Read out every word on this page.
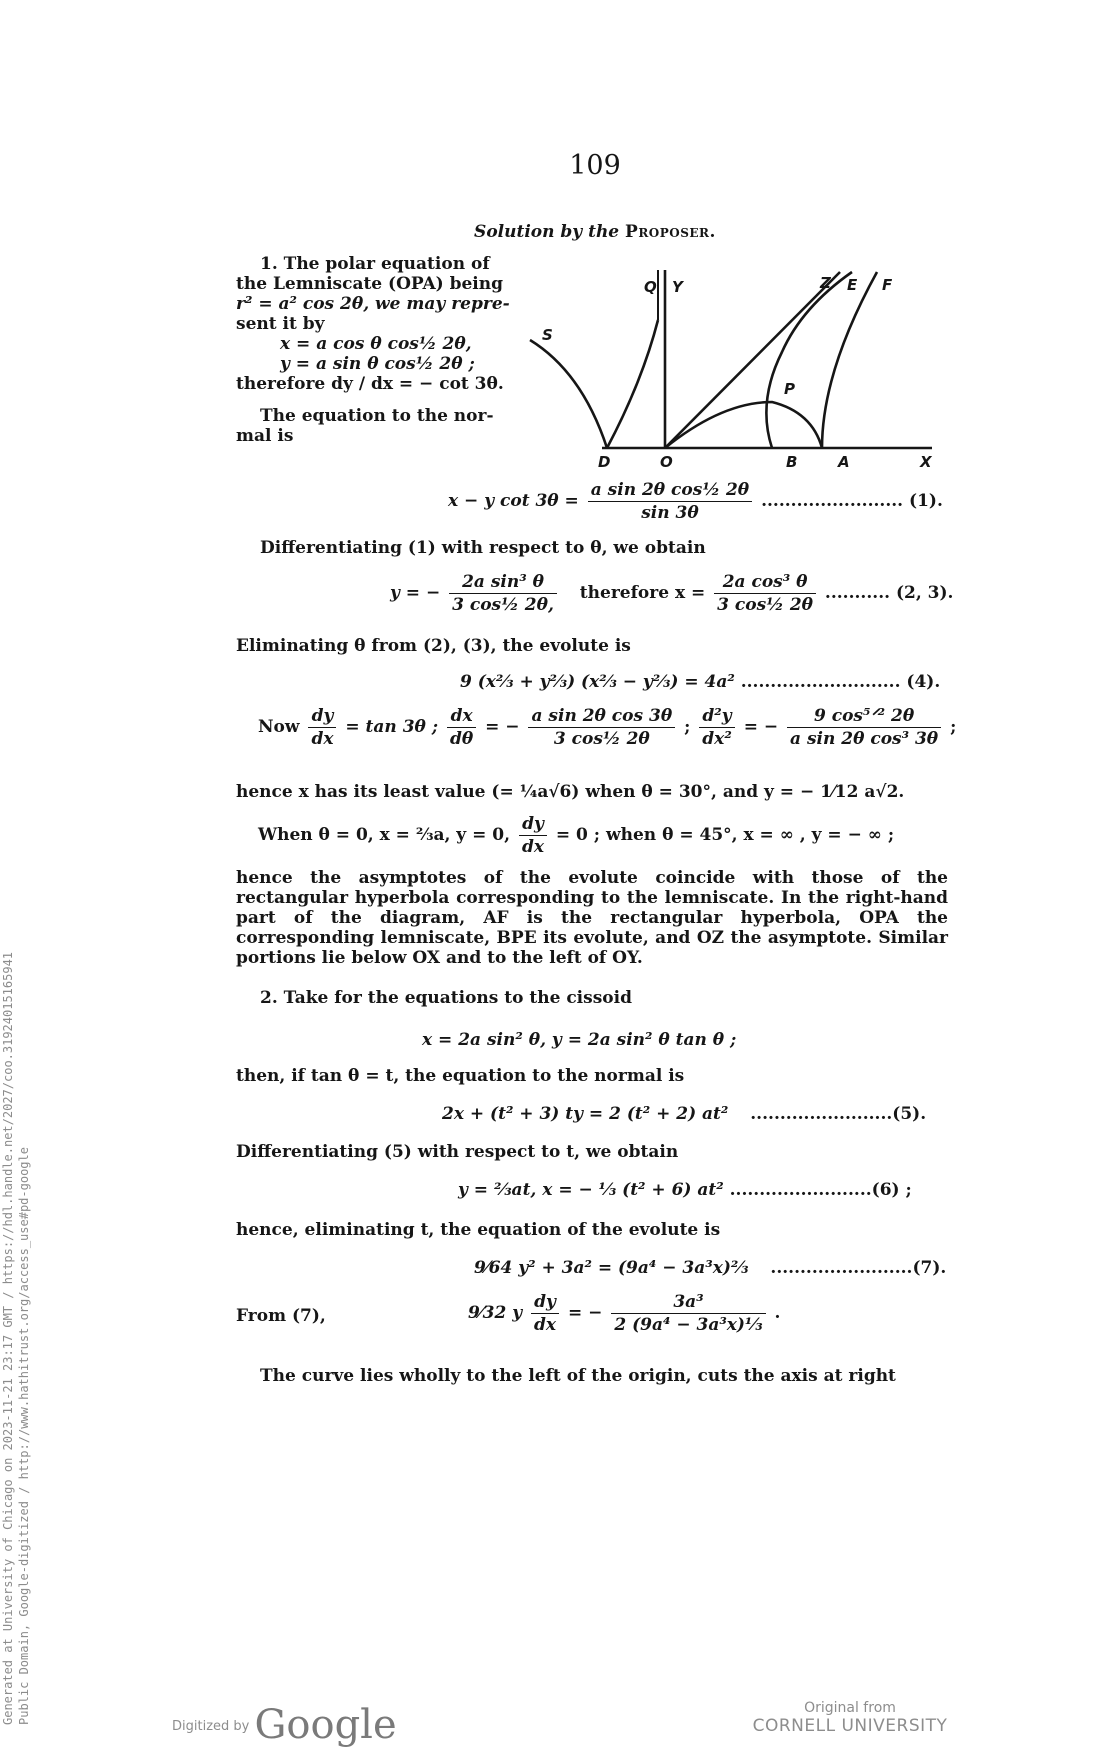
109
Solution by the Proposer.
1. The polar equation of
the Lemniscate (OPA) being
r² = a² cos 2θ, we may repre-
sent it by
x = a cos θ cos½ 2θ,
y = a sin θ cos½ 2θ ;
therefore dy / dx = − cot 3θ.
The equation to the nor-
mal is
Q Y	Z E F
S
P
D	O	B	A	X
x − y $\cot 3\theta = \frac{\text{a sin 2θ cos½ 2θ}}{\sin 3\theta}$ ........................ (1).
Differentiating (1) with respect to θ, we obtain
y = − $\frac{\text{2a sin³ θ}}{\text{3 cos½ 2θ,}}$ therefore $x = \frac{\text{2a cos³ θ}}{\text{3 cos½ 2θ}}$ ........... (2, 3).
Eliminating θ from (2), (3), the evolute is
9 (x⅔ + y⅔) (x⅔ − y⅔) = 4a² ........................... (4).
Now $\frac{dy}{dx} = \tan 3\theta$ ; $\frac{dx}{d\theta}$ = − $\frac{\text{a sin 2θ cos 3θ}}{\text{3 cos½ 2θ}}$ ; $\frac{\text{d²y}}{\text{dx²}}$ = − $\frac{\text{9 cos⁵ᐟ² 2θ}}{\text{a sin 2θ cos³ 3θ}}$ ;
hence x has its least value (= ¼a√6) when θ = 30°, and y = − 1⁄12 a√2.
When θ = 0, x = ⅔a, y = 0, $\frac{dy}{dx} = 0$ ; when θ = 45°, x = ∞ , y = − ∞ ;
hence the asymptotes of the evolute coincide with those of the rectangular hyperbola corresponding to the lemniscate. In the right-hand part of the diagram, AF is the rectangular hyperbola, OPA the corresponding lemniscate, BPE its evolute, and OZ the asymptote. Similar portions lie below OX and to the left of OY.
2. Take for the equations to the cissoid
x = 2a sin² θ, y = 2a sin² θ tan θ ;
then, if tan θ = t, the equation to the normal is
2x + (t² + 3) ty = 2 (t² + 2) at² ........................(5).
Differentiating (5) with respect to t, we obtain
y = ⅔at, x = − ⅓ (t² + 6) at² ........................(6) ;
hence, eliminating t, the equation of the evolute is
9⁄64 y² + 3a² = (9a⁴ − 3a³x)⅔ ........................(7).
From (7),	9⁄32 y $\frac{dy}{dx}$ = − $\frac{\text{3a³}}{\text{2 (9a⁴ − 3a³x)⅓}}$ .
The curve lies wholly to the left of the origin, cuts the axis at right
Generated at University of Chicago on 2023-11-21 23:17 GMT / https://hdl.handle.net/2027/coo.31924015165941 Public Domain, Google-digitized / http://www.hathitrust.org/access_use#pd-google
$^{Digitized by}$ Google	Original from
CORNELL UNIVERSITY
